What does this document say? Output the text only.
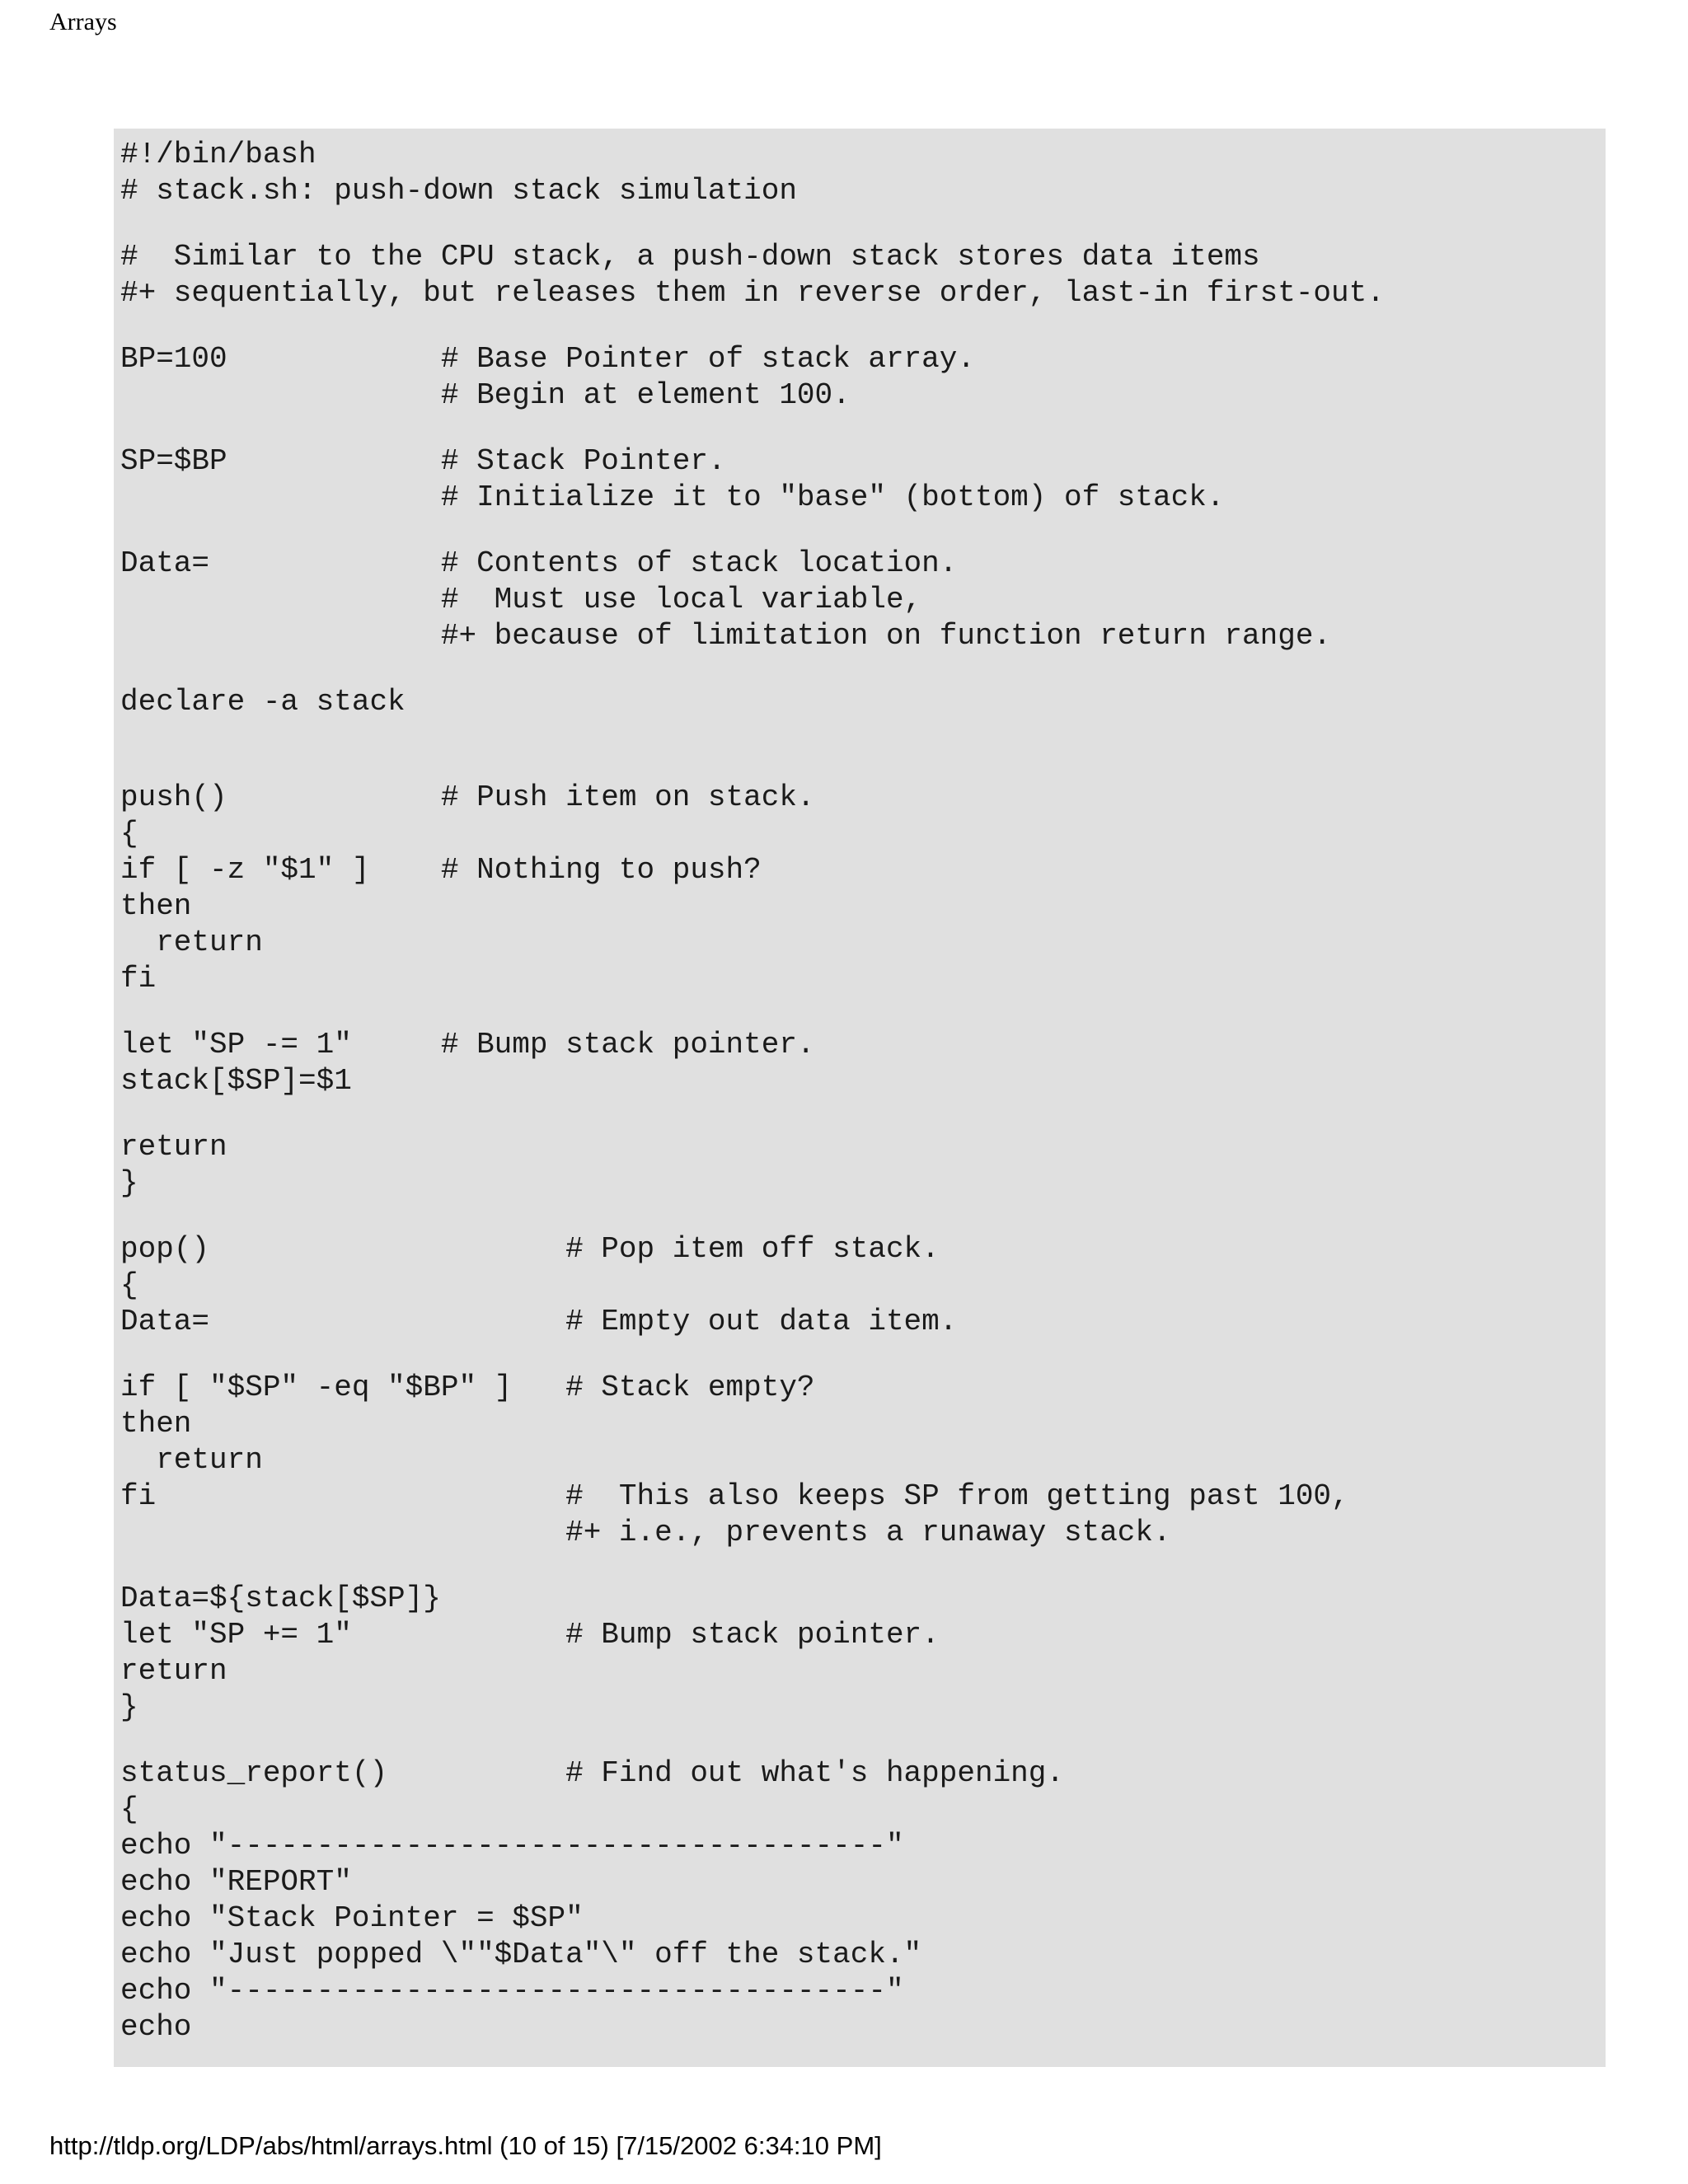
Arrays
#!/bin/bash
# stack.sh: push-down stack simulation
#  Similar to the CPU stack, a push-down stack stores data items
#+ sequentially, but releases them in reverse order, last-in first-out.
BP=100            # Base Pointer of stack array.
# Begin at element 100.
SP=$BP            # Stack Pointer.
# Initialize it to "base" (bottom) of stack.
Data=             # Contents of stack location.
#  Must use local variable,
#+ because of limitation on function return range.
declare -a stack
push()            # Push item on stack.
{
if [ -z "$1" ]    # Nothing to push?
then
return
fi
let "SP -= 1"     # Bump stack pointer.
stack[$SP]=$1
return
}
pop()                    # Pop item off stack.
{
Data=                    # Empty out data item.
if [ "$SP" -eq "$BP" ]   # Stack empty?
then
return
fi                       #  This also keeps SP from getting past 100,
#+ i.e., prevents a runaway stack.
Data=${stack[$SP]}
let "SP += 1"            # Bump stack pointer.
return
}
status_report()          # Find out what's happening.
{
echo "-------------------------------------"
echo "REPORT"
echo "Stack Pointer = $SP"
echo "Just popped \""$Data"\" off the stack."
echo "-------------------------------------"
echo
http://tldp.org/LDP/abs/html/arrays.html (10 of 15) [7/15/2002 6:34:10 PM]
